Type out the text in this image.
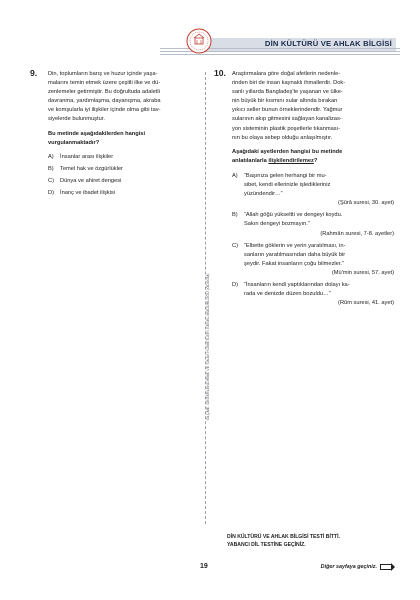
DİN KÜLTÜRÜ VE AHLAK BİLGİSİ
ÖLÇME, DEĞERLENDİRME VE SINAV HİZMETLERİ GENEL MÜDÜRLÜĞÜ (ÖDSGM)
9. Din, toplumların barış ve huzur içinde yaşa-
malarını temin etmek üzere çeşitli ilke ve dü-
zenlemeler getirmiştir. Bu doğrultuda adaletli
davranma, yardımlaşma, dayanışma, akraba
ve komşularla iyi ilişkiler içinde olma gibi tav-
siyelerde bulunmuştur.
Bu metinde aşağıdakilerden hangisi
vurgulanmaktadır?
A)	İnsanlar arası ilişkiler
B)	Temel hak ve özgürlükler
C)	Dünya ve ahiret dengesi
D)	İnanç ve ibadet ilişkisi
10. Araştırmalara göre doğal afetlerin nedenle-
rinden biri de insan kaynaklı ihmallerdir. Dok-
sanlı yıllarda Bangladeş'te yaşanan ve ülke-
nin büyük bir kısmını sular altında bırakan
yıkıcı seller bunun örneklerindendir. Yağmur
sularının akıp gitmesini sağlayan kanalizas-
yon sisteminin plastik poşetlerle tıkanması-
nın bu olaya sebep olduğu anlaşılmıştır.
Aşağıdaki ayetlerden hangisi bu metinde
anlatılanlarla ilişkilendirilemez?
A)	“Başınıza gelen herhangi bir mu-
sibet, kendi ellerinizle işledikleriniz
yüzündendir…”
(Şûrâ suresi, 30. ayet)
B)	“Allah göğü yükseltti ve dengeyi koydu.
Sakın dengeyi bozmayın.”
(Rahmân suresi, 7-8. ayetler)
C)	“Elbette göklerin ve yerin yaratılması, in-
sanların yaratılmasından daha büyük bir
şeydir. Fakat insanların çoğu bilmezler.”
(Mü'min suresi, 57. ayet)
D)	“İnsanların kendi yaptıklarından dolayı ka-
rada ve denizde düzen bozuldu…”
(Rûm suresi, 41. ayet)
DİN KÜLTÜRÜ VE AHLAK BİLGİSİ TESTİ BİTTİ.
YABANCI DİL TESTİNE GEÇİNİZ.
19	Diğer sayfaya geçiniz.
